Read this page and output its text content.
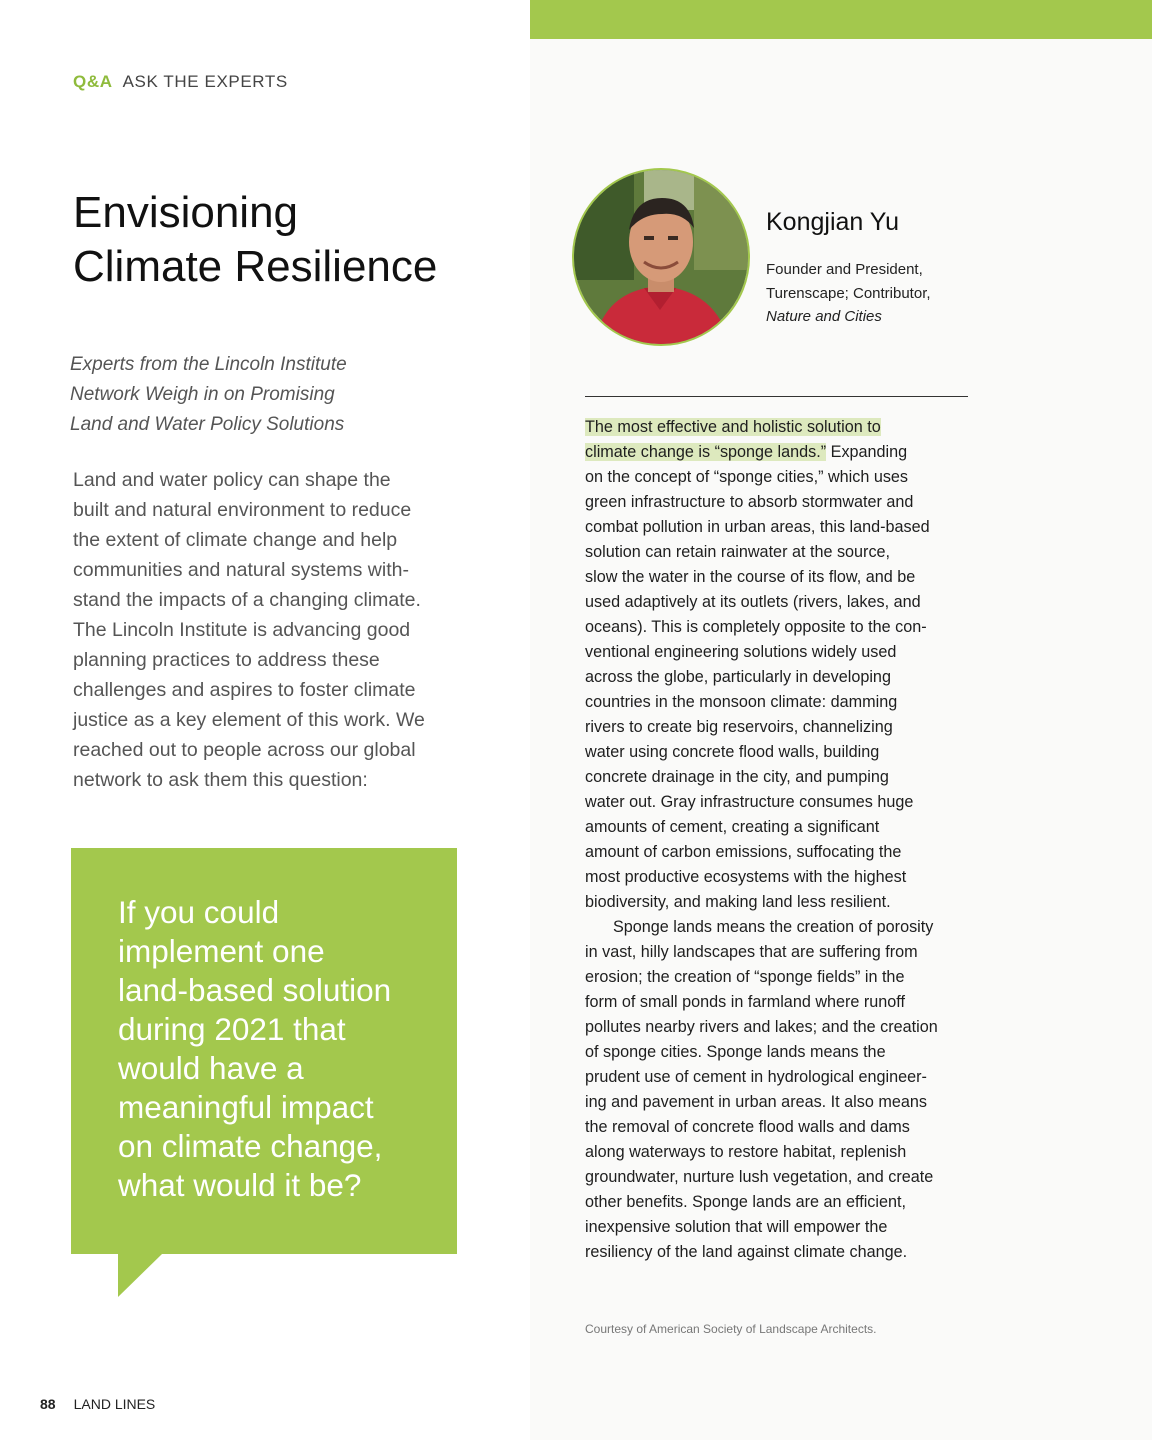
Q&A ASK THE EXPERTS
Envisioning
Climate Resilience
Experts from the Lincoln Institute
Network Weigh in on Promising
Land and Water Policy Solutions
Land and water policy can shape the
built and natural environment to reduce
the extent of climate change and help
communities and natural systems with-
stand the impacts of a changing climate.
The Lincoln Institute is advancing good
planning practices to address these
challenges and aspires to foster climate
justice as a key element of this work. We
reached out to people across our global
network to ask them this question:
If you could
implement one
land-based solution
during 2021 that
would have a
meaningful impact
on climate change,
what would it be?
Kongjian Yu
Founder and President,
Turenscape; Contributor,
Nature and Cities
The most effective and holistic solution to
climate change is “sponge lands.” Expanding
on the concept of “sponge cities,” which uses
green infrastructure to absorb stormwater and
combat pollution in urban areas, this land-based
solution can retain rainwater at the source,
slow the water in the course of its flow, and be
used adaptively at its outlets (rivers, lakes, and
oceans). This is completely opposite to the con-
ventional engineering solutions widely used
across the globe, particularly in developing
countries in the monsoon climate: damming
rivers to create big reservoirs, channelizing
water using concrete flood walls, building
concrete drainage in the city, and pumping
water out. Gray infrastructure consumes huge
amounts of cement, creating a significant
amount of carbon emissions, suffocating the
most productive ecosystems with the highest
biodiversity, and making land less resilient.
Sponge lands means the creation of porosity
in vast, hilly landscapes that are suffering from
erosion; the creation of “sponge fields” in the
form of small ponds in farmland where runoff
pollutes nearby rivers and lakes; and the creation
of sponge cities. Sponge lands means the
prudent use of cement in hydrological engineer-
ing and pavement in urban areas. It also means
the removal of concrete flood walls and dams
along waterways to restore habitat, replenish
groundwater, nurture lush vegetation, and create
other benefits. Sponge lands are an efficient,
inexpensive solution that will empower the
resiliency of the land against climate change.
Courtesy of American Society of Landscape Architects.
88 LAND LINES
